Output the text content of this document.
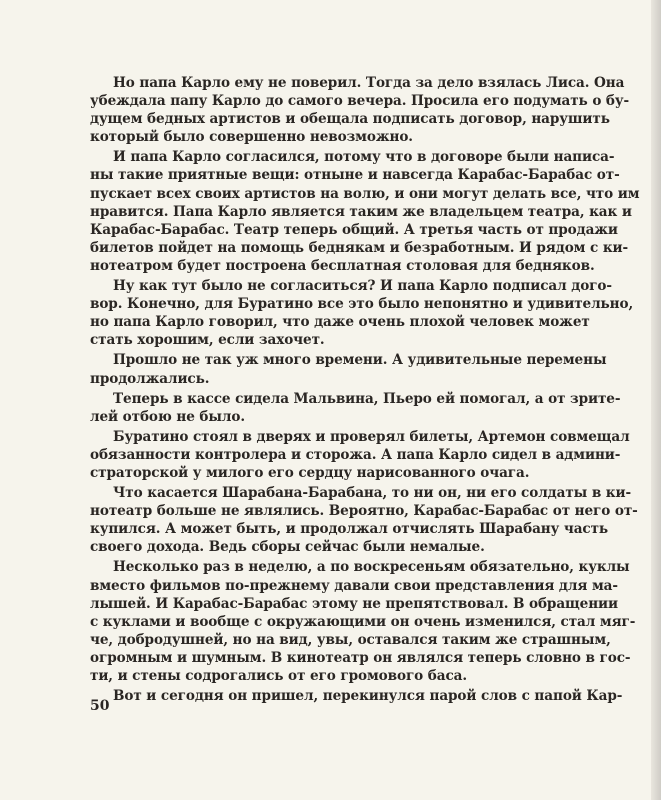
Но папа Карло ему не поверил. Тогда за дело взялась Лиса. Она
убеждала папу Карло до самого вечера. Просила его подумать о бу-
дущем бедных артистов и обещала подписать договор, нарушить
который было совершенно невозможно.
И папа Карло согласился, потому что в договоре были написа-
ны такие приятные вещи: отныне и навсегда Карабас-Барабас от-
пускает всех своих артистов на волю, и они могут делать все, что им
нравится. Папа Карло является таким же владельцем театра, как и
Карабас-Барабас. Театр теперь общий. А третья часть от продажи
билетов пойдет на помощь беднякам и безработным. И рядом с ки-
нотеатром будет построена бесплатная столовая для бедняков.
Ну как тут было не согласиться? И папа Карло подписал дого-
вор. Конечно, для Буратино все это было непонятно и удивительно,
но папа Карло говорил, что даже очень плохой человек может
стать хорошим, если захочет.
Прошло не так уж много времени. А удивительные перемены
продолжались.
Теперь в кассе сидела Мальвина, Пьеро ей помогал, а от зрите-
лей отбою не было.
Буратино стоял в дверях и проверял билеты, Артемон совмещал
обязанности контролера и сторожа. А папа Карло сидел в админи-
страторской у милого его сердцу нарисованного очага.
Что касается Шарабана-Барабана, то ни он, ни его солдаты в ки-
нотеатр больше не являлись. Вероятно, Карабас-Барабас от него от-
купился. А может быть, и продолжал отчислять Шарабану часть
своего дохода. Ведь сборы сейчас были немалые.
Несколько раз в неделю, а по воскресеньям обязательно, куклы
вместо фильмов по-прежнему давали свои представления для ма-
лышей. И Карабас-Барабас этому не препятствовал. В обращении
с куклами и вообще с окружающими он очень изменился, стал мяг-
че, добродушней, но на вид, увы, оставался таким же страшным,
огромным и шумным. В кинотеатр он являлся теперь словно в гос-
ти, и стены содрогались от его громового баса.
Вот и сегодня он пришел, перекинулся парой слов с папой Кар-
50
